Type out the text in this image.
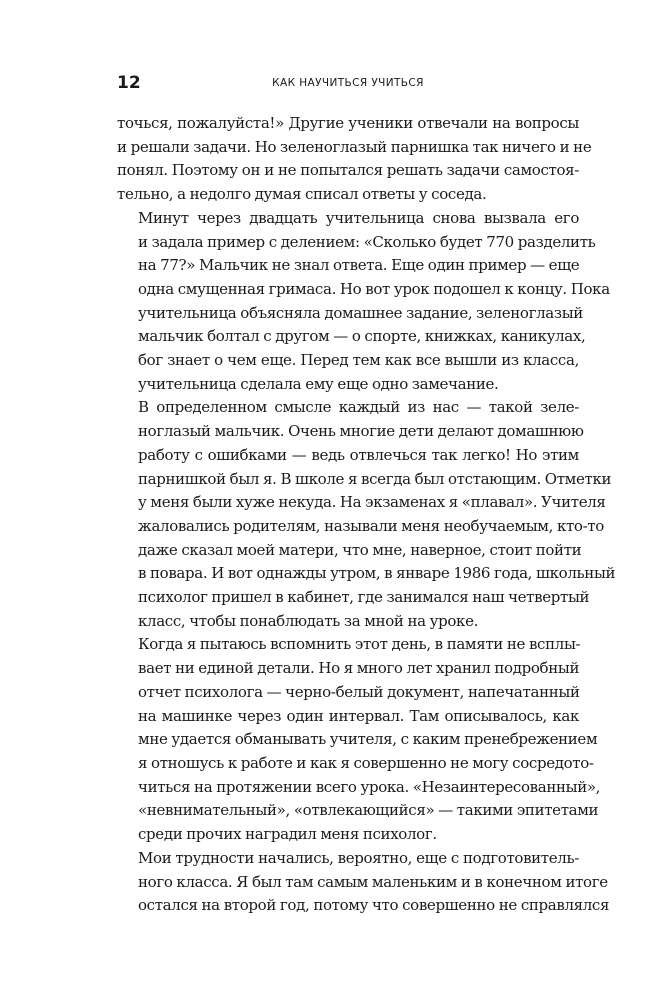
12	КАК НАУЧИТЬСЯ УЧИТЬСЯ

точься, пожалуйста!» Другие ученики отвечали на вопросы
и решали задачи. Но зеленоглазый парнишка так ничего и не
понял. Поэтому он и не попытался решать задачи самостоя-
тельно, а недолго думая списал ответы у соседа.

Минут через двадцать учительница снова вызвала его
и задала пример с делением: «Сколько будет 770 разделить
на 77?» Мальчик не знал ответа. Еще один пример — еще
одна смущенная гримаса. Но вот урок подошел к концу. Пока
учительница объясняла домашнее задание, зеленоглазый
мальчик болтал с другом — о спорте, книжках, каникулах,
бог знает о чем еще. Перед тем как все вышли из класса,
учительница сделала ему еще одно замечание.

В определенном смысле каждый из нас — такой зеле-
ноглазый мальчик. Очень многие дети делают домашнюю
работу с ошибками — ведь отвлечься так легко! Но этим
парнишкой был я. В школе я всегда был отстающим. Отметки
у меня были хуже некуда. На экзаменах я «плавал». Учителя
жаловались родителям, называли меня необучаемым, кто-то
даже сказал моей матери, что мне, наверное, стоит пойти
в повара. И вот однажды утром, в январе 1986 года, школьный
психолог пришел в кабинет, где занимался наш четвертый
класс, чтобы понаблюдать за мной на уроке.

Когда я пытаюсь вспомнить этот день, в памяти не всплы-
вает ни единой детали. Но я много лет хранил подробный
отчет психолога — черно-белый документ, напечатанный
на машинке через один интервал. Там описывалось, как
мне удается обманывать учителя, с каким пренебрежением
я отношусь к работе и как я совершенно не могу сосредото-
читься на протяжении всего урока. «Незаинтересованный»,
«невнимательный», «отвлекающийся» — такими эпитетами
среди прочих наградил меня психолог.

Мои трудности начались, вероятно, еще с подготовитель-
ного класса. Я был там самым маленьким и в конечном итоге
остался на второй год, потому что совершенно не справлялся
